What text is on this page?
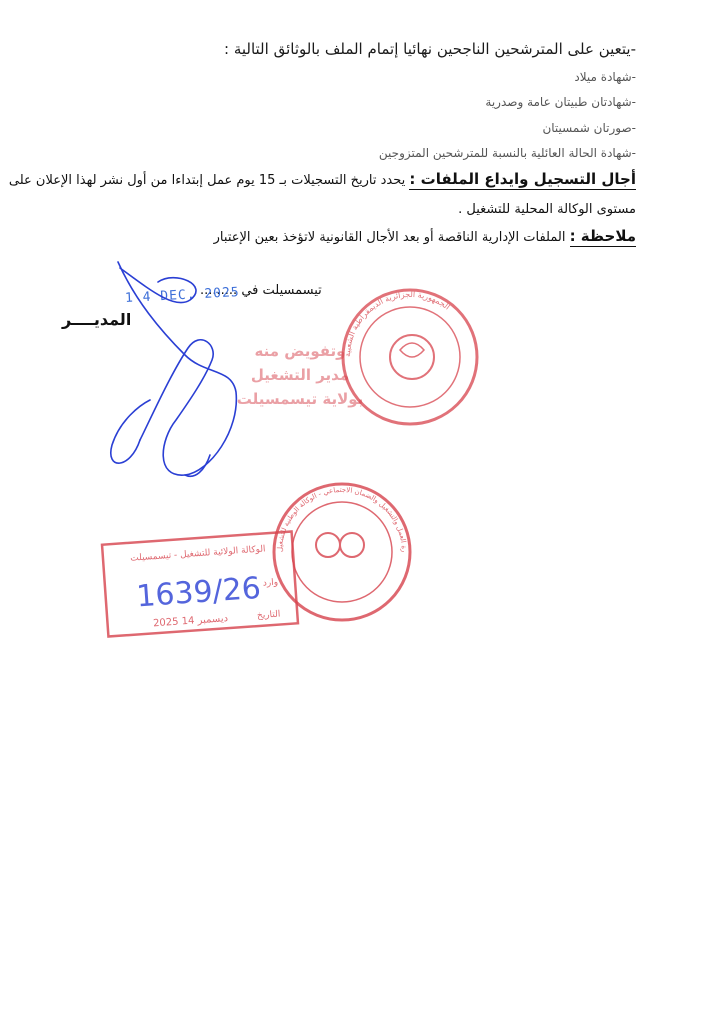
-يتعين على المترشحين الناجحين نهائيا إتمام الملف بالوثائق التالية :
-شهادة ميلاد
-شهادتان طبيتان عامة وصدرية
-صورتان شمسيتان
-شهادة الحالة العائلية بالنسبة للمترشحين المتزوجين
أجال التسجيل وايداع الملفات : يحدد تاريخ التسجيلات بـ 15 يوم عمل إبتداءا من أول نشر لهذا الإعلان على
مستوى الوكالة المحلية للتشغيل .
ملاحظة : الملفات الإدارية الناقصة أو بعد الأجال القانونية لاتؤخذ بعين الإعتبار
تيسمسيلت في .........
1 4 DEC. 2025
المديــــر
الجمهورية الجزائرية الديمقراطية الشعبية
وتفويض منه
مدير التشغيل
بولاية تيسمسيلت
الوكالة الولائية للتشغيل - تيسمسيلت
وارد
التاريخ
2025 ديسمبر 14
1639/26
رة العمل والتشغيل والضمان الاجتماعي - الوكالة الوطنية للتشغيل
